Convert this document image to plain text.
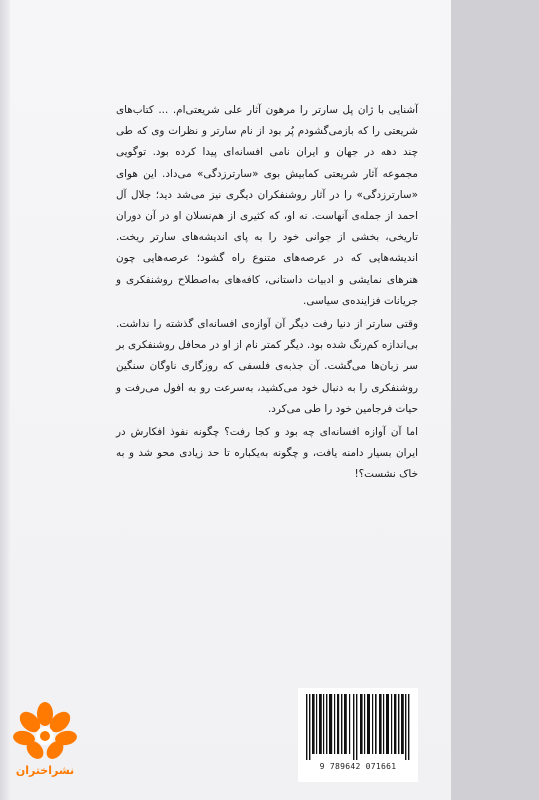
آشنایی با ژان پل سارتر را مرهون آثار علی شریعتی‌ام. ... کتاب‌های شریعتی را که بازمی‌گشودم پُر بود از نام سارتر و نظرات وی که طی چند دهه در جهان و ایران نامی افسانه‌ای پیدا کرده بود. توگویی مجموعه آثار شریعتی کمابیش بوی «سارترزدگی» می‌داد. این هوای «سارترزدگی» را در آثار روشنفکران دیگری نیز می‌شد دید؛ جلال آل احمد از جمله‌ی آنهاست. نه او، که کثیری از هم‌نسلان او در آن دوران تاریخی، بخشی از جوانی خود را به پای اندیشه‌های سارتر ریخت. اندیشه‌هایی که در عرصه‌های متنوع راه گشود؛ عرصه‌هایی چون هنرهای نمایشی و ادبیات داستانی، کافه‌های به‌اصطلاح روشنفکری و جریانات فزاینده‌ی سیاسی.

وقتی سارتر از دنیا رفت دیگر آن آوازه‌ی افسانه‌ای گذشته را نداشت. بی‌اندازه کم‌رنگ شده بود. دیگر کمتر نام از او در محافل روشنفکری بر سر زبان‌ها می‌گشت. آن جذبه‌ی فلسفی که روزگاری ناوگان سنگین روشنفکری را به دنبال خود می‌کشید، به‌سرعت رو به افول می‌رفت و حیات فرجامین خود را طی می‌کرد.

اما آن آوازه افسانه‌ای چه بود و کجا رفت؟ چگونه نفوذ افکارش در ایران بسیار دامنه یافت، و چگونه به‌یکباره تا حد زیادی محو شد و به خاک نشست؟!

نشراختران	9 789642 071661
